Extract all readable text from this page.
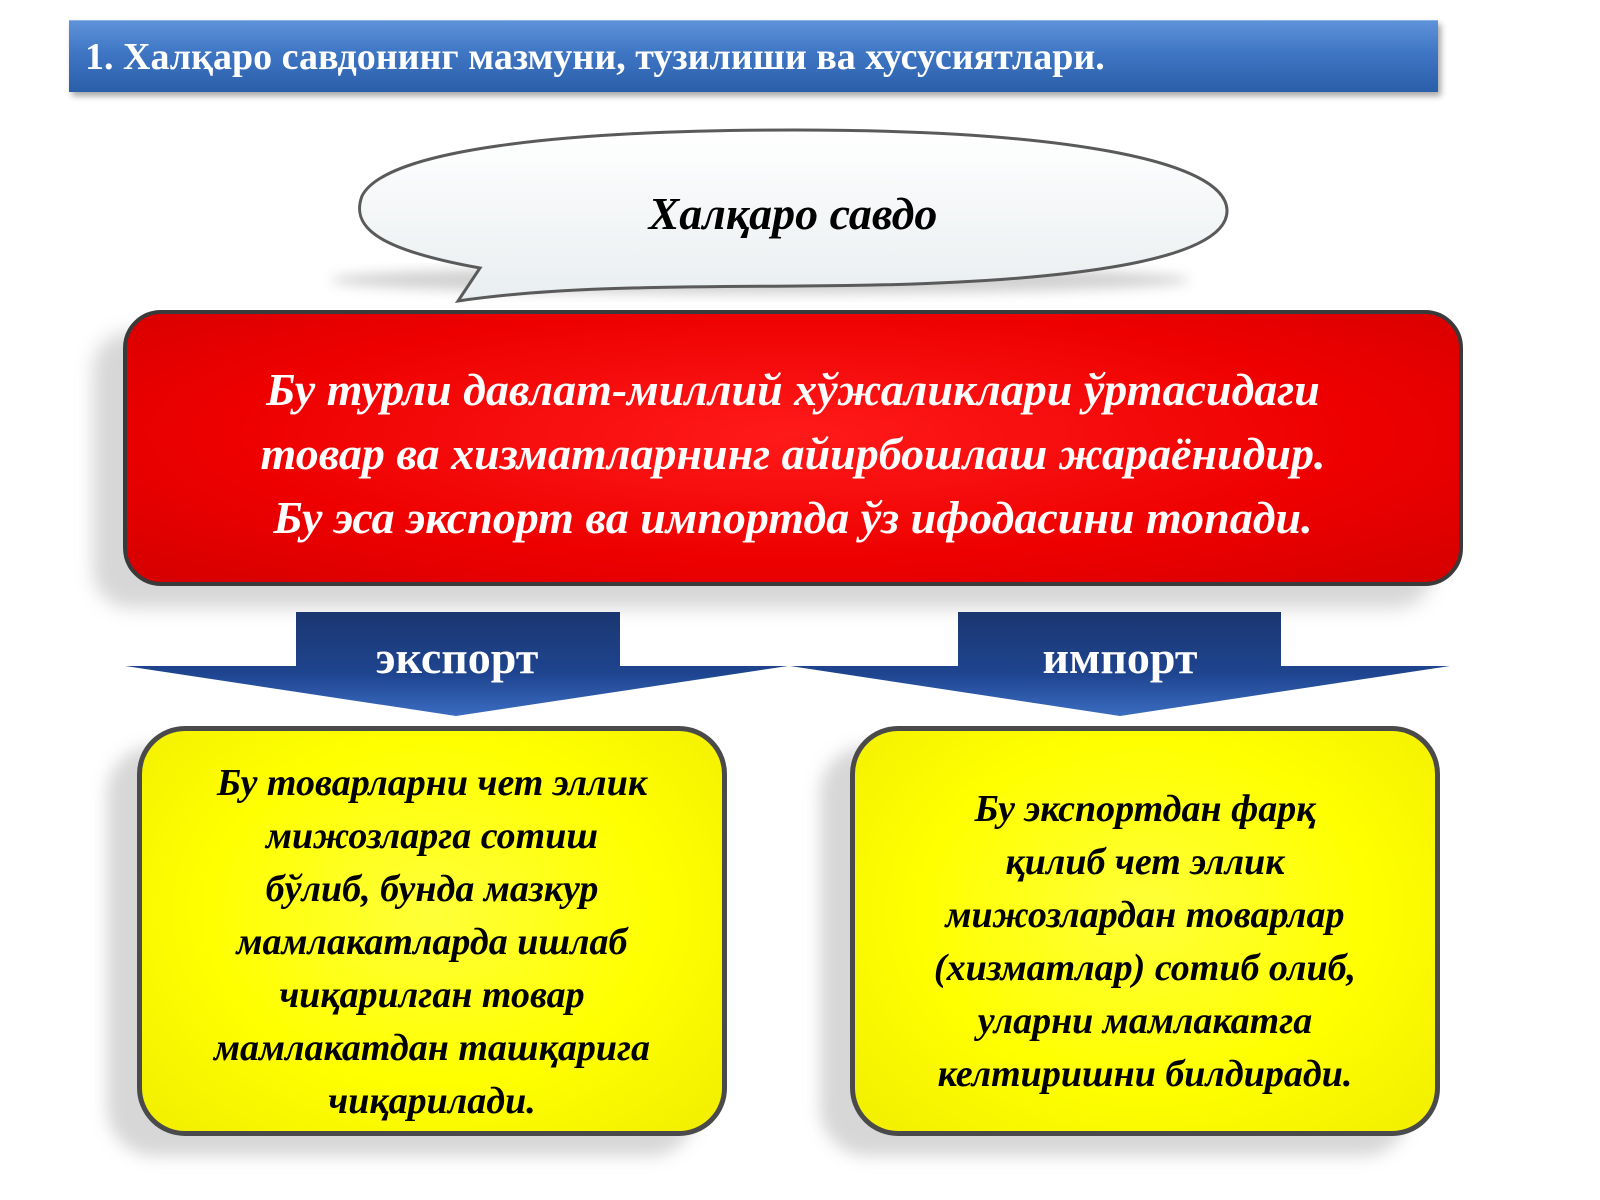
1. Халқаро савдонинг мазмуни, тузилиши ва хусусиятлари.
Халқаро савдо
Бу турли давлат-миллий хўжаликлари ўртасидаги
товар ва хизматларнинг айирбошлаш жараёнидир.
Бу эса экспорт ва импортда ўз ифодасини топади.
экспорт	импорт
Бу товарларни чет эллик
мижозларга сотиш
бўлиб, бунда мазкур
мамлакатларда ишлаб
чиқарилган товар
мамлакатдан ташқарига
чиқарилади.
Бу экспортдан фарқ
қилиб чет эллик
мижозлардан товарлар
(хизматлар) сотиб олиб,
уларни мамлакатга
келтиришни билдиради.
